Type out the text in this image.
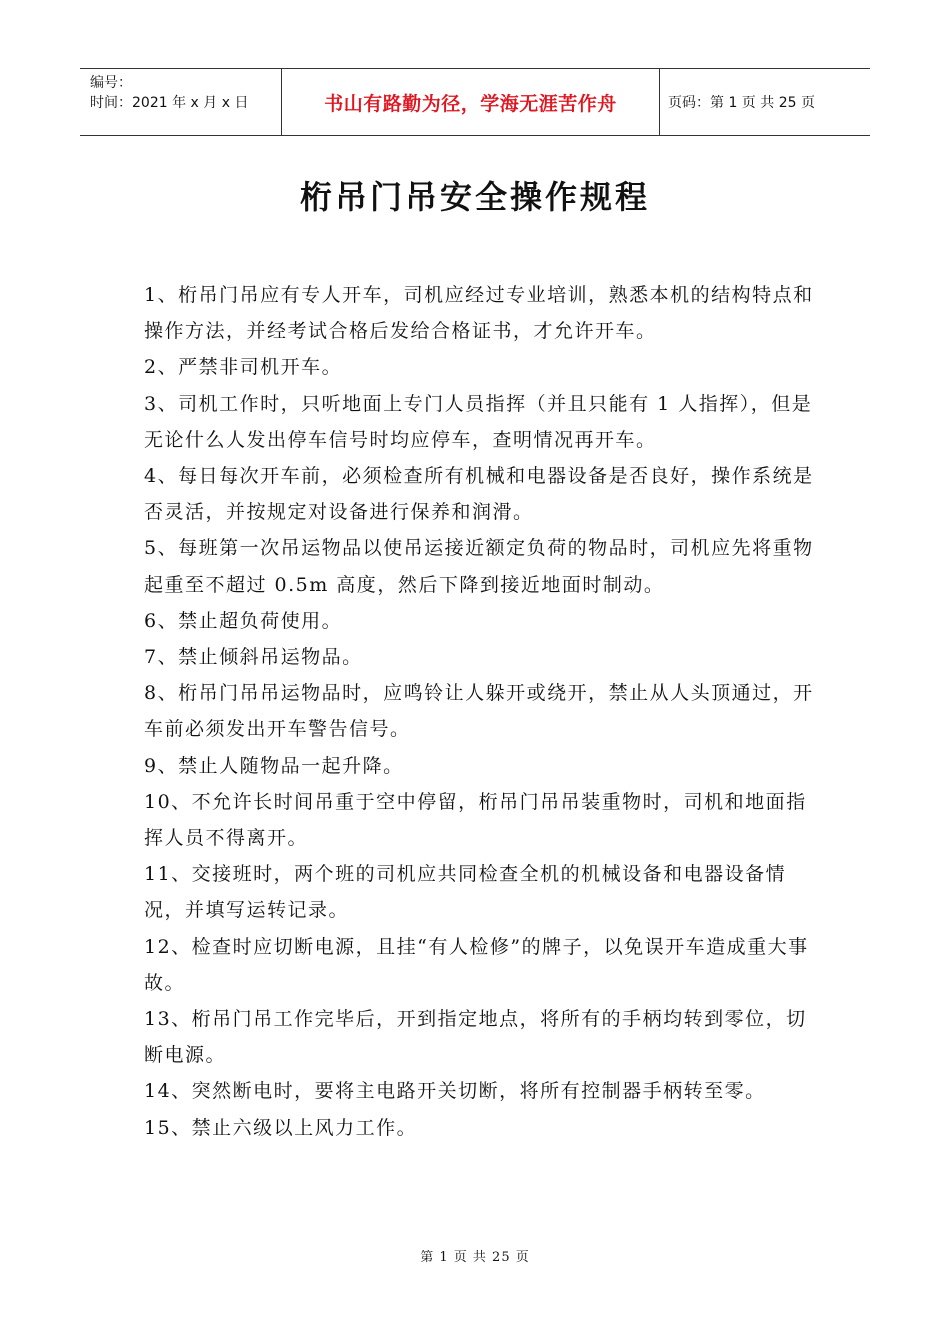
编号：
时间：2021 年 x 月 x 日	书山有路勤为径，学海无涯苦作舟	页码：第 1 页 共 25 页
桁吊门吊安全操作规程
1、桁吊门吊应有专人开车，司机应经过专业培训，熟悉本机的结构特点和操作方法，并经考试合格后发给合格证书，才允许开车。
2、严禁非司机开车。
3、司机工作时，只听地面上专门人员指挥（并且只能有 1 人指挥），但是无论什么人发出停车信号时均应停车，查明情况再开车。
4、每日每次开车前，必须检查所有机械和电器设备是否良好，操作系统是否灵活，并按规定对设备进行保养和润滑。
5、每班第一次吊运物品以使吊运接近额定负荷的物品时，司机应先将重物起重至不超过 0.5m 高度，然后下降到接近地面时制动。
6、禁止超负荷使用。
7、禁止倾斜吊运物品。
8、桁吊门吊吊运物品时，应鸣铃让人躲开或绕开，禁止从人头顶通过，开车前必须发出开车警告信号。
9、禁止人随物品一起升降。
10、不允许长时间吊重于空中停留，桁吊门吊吊装重物时，司机和地面指挥人员不得离开。
11、交接班时，两个班的司机应共同检查全机的机械设备和电器设备情况，并填写运转记录。
12、检查时应切断电源，且挂“有人检修”的牌子，以免误开车造成重大事故。
13、桁吊门吊工作完毕后，开到指定地点，将所有的手柄均转到零位，切断电源。
14、突然断电时，要将主电路开关切断，将所有控制器手柄转至零。
15、禁止六级以上风力工作。
第 1 页 共 25 页
